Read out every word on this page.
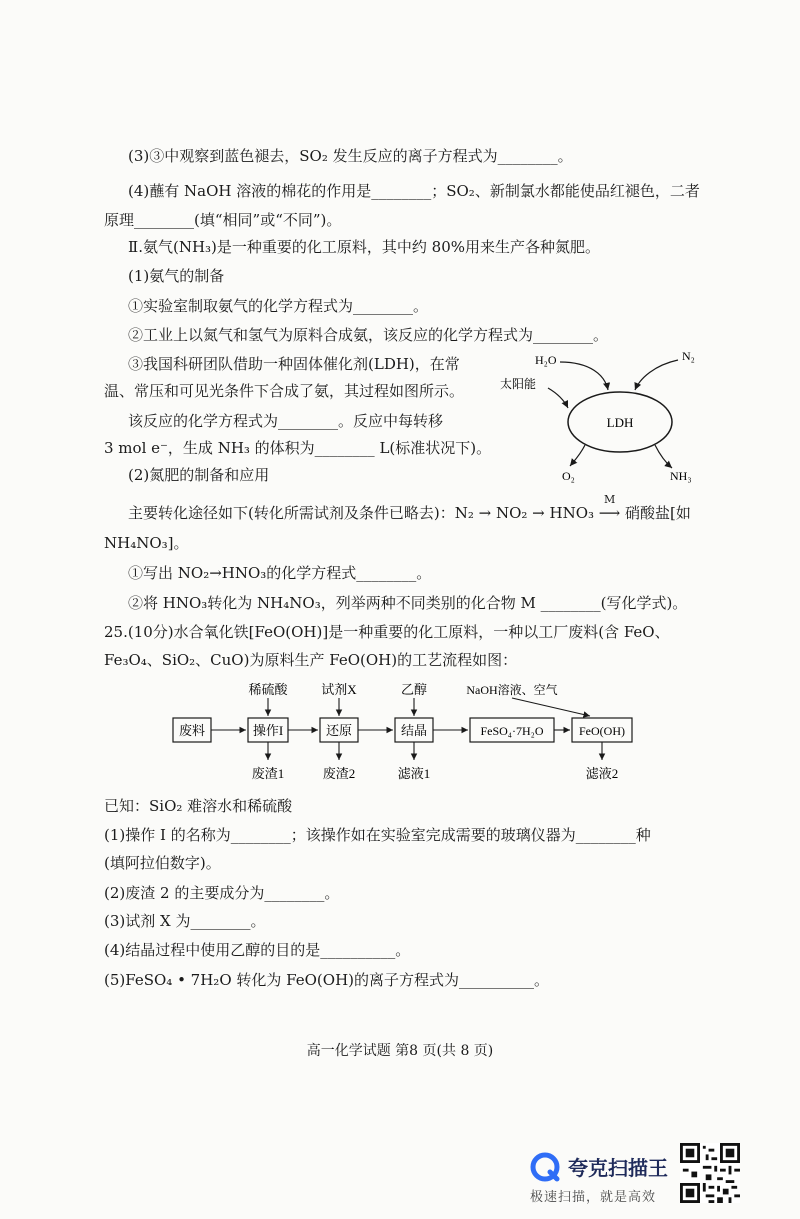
(3)③中观察到蓝色褪去，SO₂ 发生反应的离子方程式为________。
(4)蘸有 NaOH 溶液的棉花的作用是________；SO₂、新制氯水都能使品红褪色，二者
原理________(填“相同”或“不同”)。
Ⅱ.氨气(NH₃)是一种重要的化工原料，其中约 80%用来生产各种氮肥。
(1)氨气的制备
①实验室制取氨气的化学方程式为________。
②工业上以氮气和氢气为原料合成氨，该反应的化学方程式为________。
③我国科研团队借助一种固体催化剂(LDH)，在常
温、常压和可见光条件下合成了氨，其过程如图所示。
该反应的化学方程式为________。反应中每转移
3 mol e⁻，生成 NH₃ 的体积为________ L(标准状况下)。
(2)氮肥的制备和应用
LDH
H₂O	N₂
太阳能
O₂	NH₃
主要转化途径如下(转化所需试剂及条件已略去)：N₂ → NO₂ → HNO₃ ⟶ 硝酸盐[如
M
NH₄NO₃]。
①写出 NO₂→HNO₃的化学方程式________。
②将 HNO₃转化为 NH₄NO₃，列举两种不同类别的化合物 M ________(写化学式)。
25.(10分)水合氧化铁[FeO(OH)]是一种重要的化工原料，一种以工厂废料(含 FeO、
Fe₃O₄、SiO₂、CuO)为原料生产 FeO(OH)的工艺流程如图：
废料	操作I	还原	结晶	FeSO₄·7H₂O	FeO(OH)
稀硫酸	试剂X	乙醇	NaOH溶液、空气
废渣1	废渣2	滤液1	滤液2
已知：SiO₂ 难溶水和稀硫酸
(1)操作 I 的名称为________；该操作如在实验室完成需要的玻璃仪器为________种
(填阿拉伯数字)。
(2)废渣 2 的主要成分为________。
(3)试剂 X 为________。
(4)结晶过程中使用乙醇的目的是__________。
(5)FeSO₄ • 7H₂O 转化为 FeO(OH)的离子方程式为__________。
高一化学试题 第8 页(共 8 页)
夸克扫描王
极速扫描，就是高效
